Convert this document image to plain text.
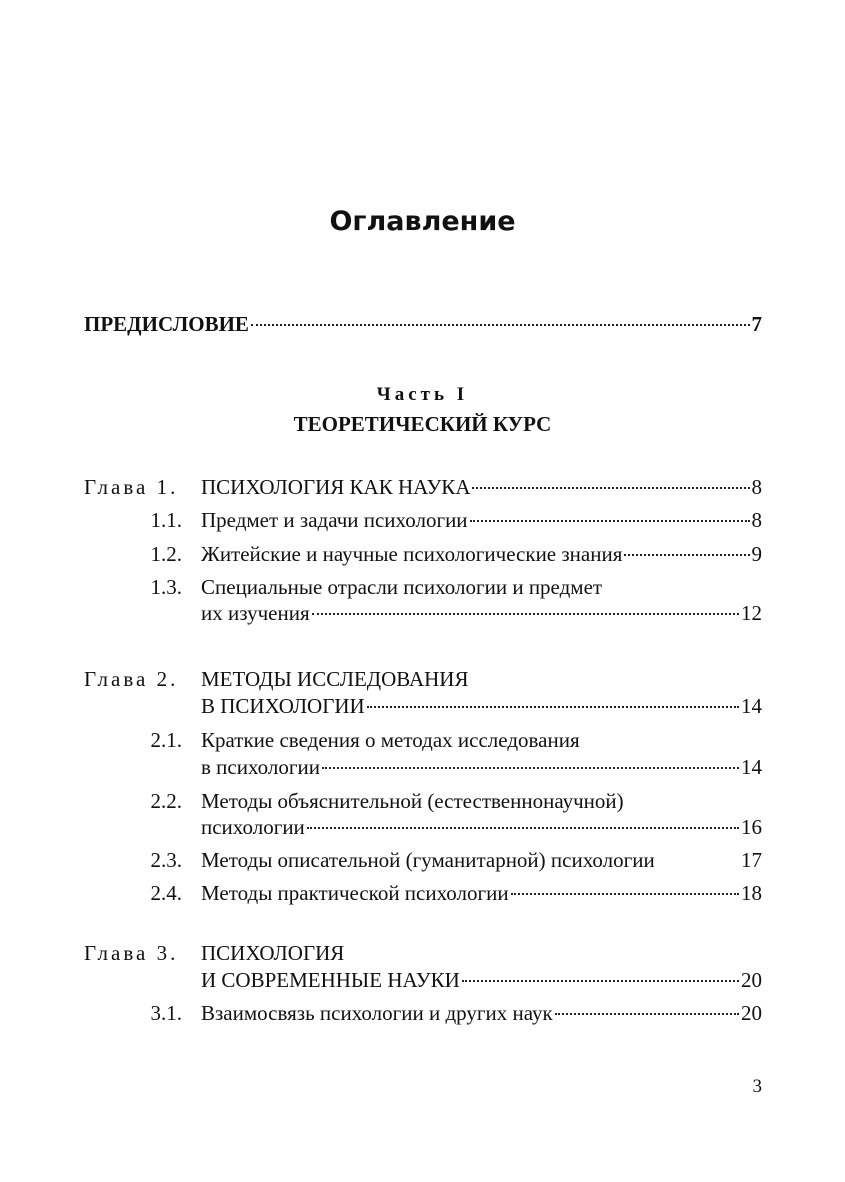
Оглавление
ПРЕДИСЛОВИЕ	7
Часть I
ТЕОРЕТИЧЕСКИЙ КУРС
Глава 1. ПСИХОЛОГИЯ КАК НАУКА	8
1.1. Предмет и задачи психологии	8
1.2. Житейские и научные психологические знания	9
1.3. Специальные отрасли психологии и предмет
их изучения	12
Глава 2. МЕТОДЫ ИССЛЕДОВАНИЯ
В ПСИХОЛОГИИ	14
2.1. Краткие сведения о методах исследования
в психологии	14
2.2. Методы объяснительной (естественнонаучной)
психологии	16
2.3. Методы описательной (гуманитарной) психологии	17
2.4. Методы практической психологии	18
Глава 3. ПСИХОЛОГИЯ
И СОВРЕМЕННЫЕ НАУКИ	20
3.1. Взаимосвязь психологии и других наук	20
3
